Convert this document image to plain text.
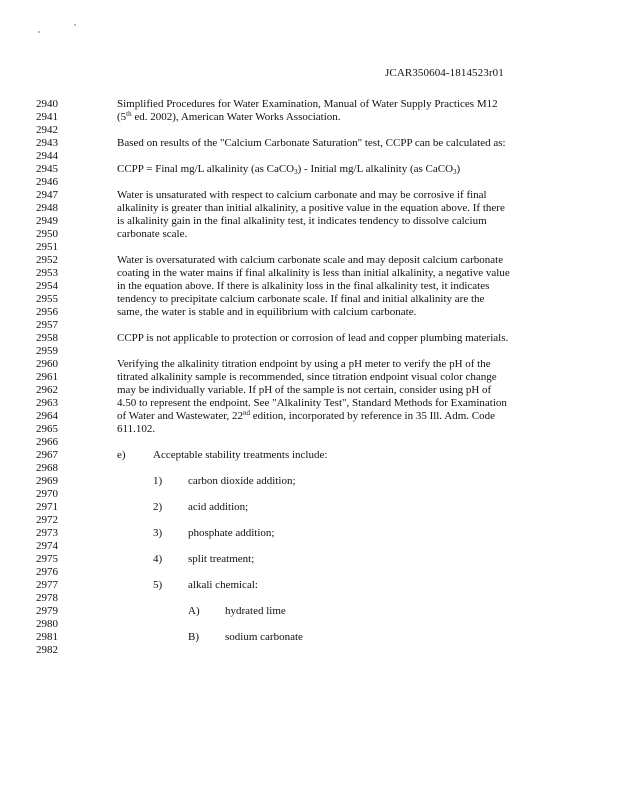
JCAR350604-1814523r01
2940
2941
2942
2943
2944
2945
2946
2947
2948
2949
2950
2951
2952
2953
2954
2955
2956
2957
2958
2959
2960
2961
2962
2963
2964
2965
2966
2967
2968
2969
2970
2971
2972
2973
2974
2975
2976
2977
2978
2979
2980
2981
2982
Simplified Procedures for Water Examination, Manual of Water Supply Practices M12
(5th ed. 2002), American Water Works Association.
Based on results of the "Calcium Carbonate Saturation" test, CCPP can be calculated as:
CCPP = Final mg/L alkalinity (as CaCO$_3$) - Initial mg/L alkalinity (as CaCO$_3$)
Water is unsaturated with respect to calcium carbonate and may be corrosive if final
alkalinity is greater than initial alkalinity, a positive value in the equation above. If there
is alkalinity gain in the final alkalinity test, it indicates tendency to dissolve calcium
carbonate scale.
Water is oversaturated with calcium carbonate scale and may deposit calcium carbonate
coating in the water mains if final alkalinity is less than initial alkalinity, a negative value
in the equation above. If there is alkalinity loss in the final alkalinity test, it indicates
tendency to precipitate calcium carbonate scale. If final and initial alkalinity are the
same, the water is stable and in equilibrium with calcium carbonate.
CCPP is not applicable to protection or corrosion of lead and copper plumbing materials.
Verifying the alkalinity titration endpoint by using a pH meter to verify the pH of the
titrated alkalinity sample is recommended, since titration endpoint visual color change
may be individually variable. If pH of the sample is not certain, consider using pH of
4.50 to represent the endpoint. See "Alkalinity Test", Standard Methods for Examination
of Water and Wastewater, 22nd edition, incorporated by reference in 35 Ill. Adm. Code
611.102.
e) Acceptable stability treatments include:
1) carbon dioxide addition;
2) acid addition;
3) phosphate addition;
4) split treatment;
5) alkali chemical:
A) hydrated lime
B) sodium carbonate
